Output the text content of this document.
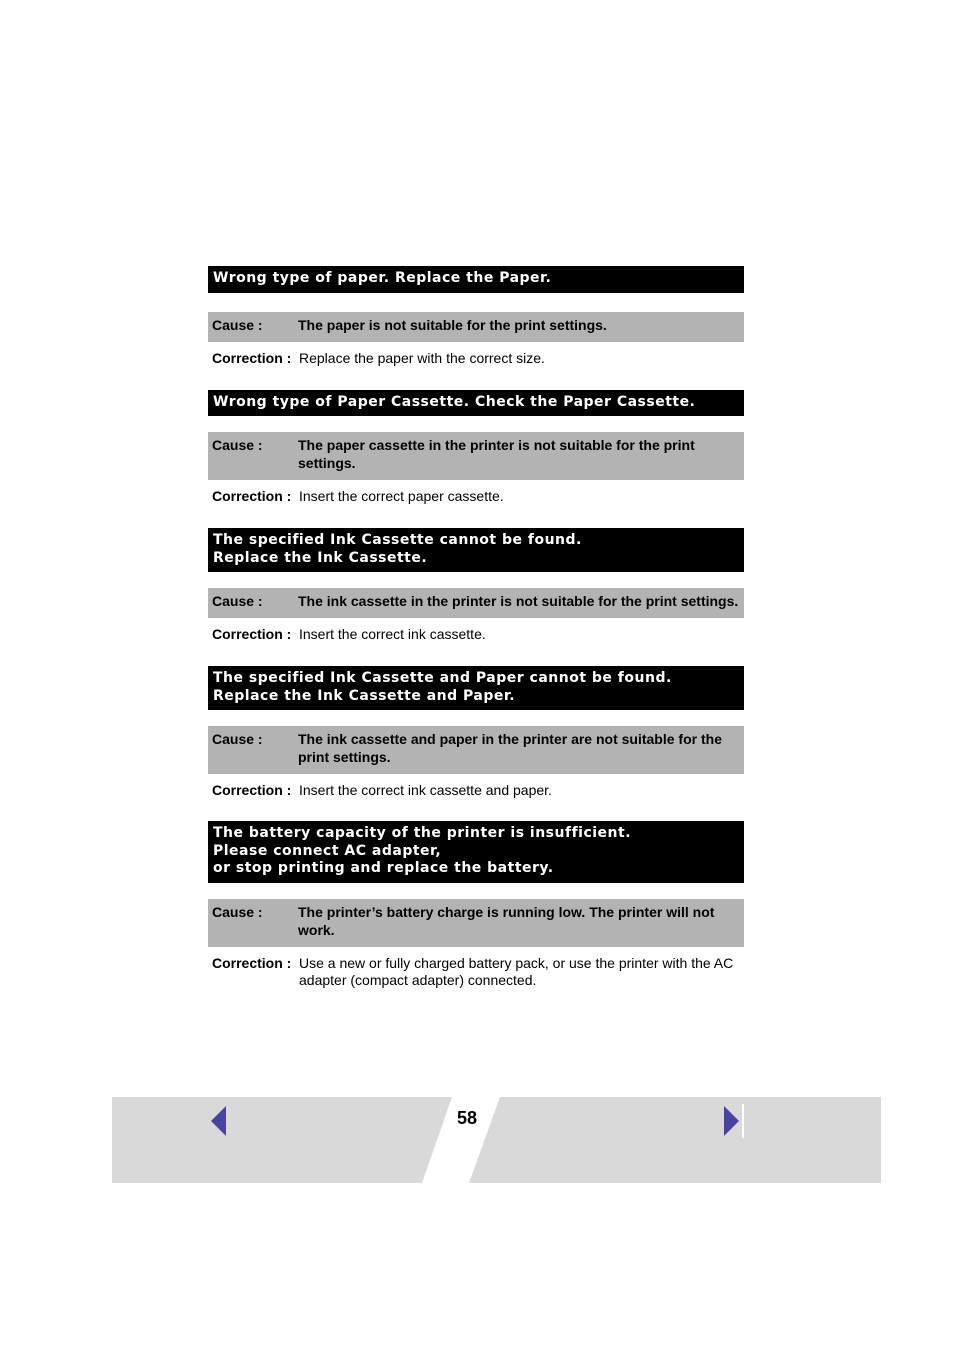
Wrong type of paper. Replace the Paper.
Cause :	The paper is not suitable for the print settings.
Correction : Replace the paper with the correct size.
Wrong type of Paper Cassette. Check the Paper Cassette.
Cause :	The paper cassette in the printer is not suitable for the print settings.
Correction : Insert the correct paper cassette.
The specified Ink Cassette cannot be found.
Replace the Ink Cassette.
Cause :	The ink cassette in the printer is not suitable for the print settings.
Correction : Insert the correct ink cassette.
The specified Ink Cassette and Paper cannot be found.
Replace the Ink Cassette and Paper.
Cause :	The ink cassette and paper in the printer are not suitable for the print settings.
Correction : Insert the correct ink cassette and paper.
The battery capacity of the printer is insufficient.
Please connect AC adapter,
or stop printing and replace the battery.
Cause :	The printer’s battery charge is running low. The printer will not work.
Correction : Use a new or fully charged battery pack, or use the printer with the AC adapter (compact adapter) connected.
58
